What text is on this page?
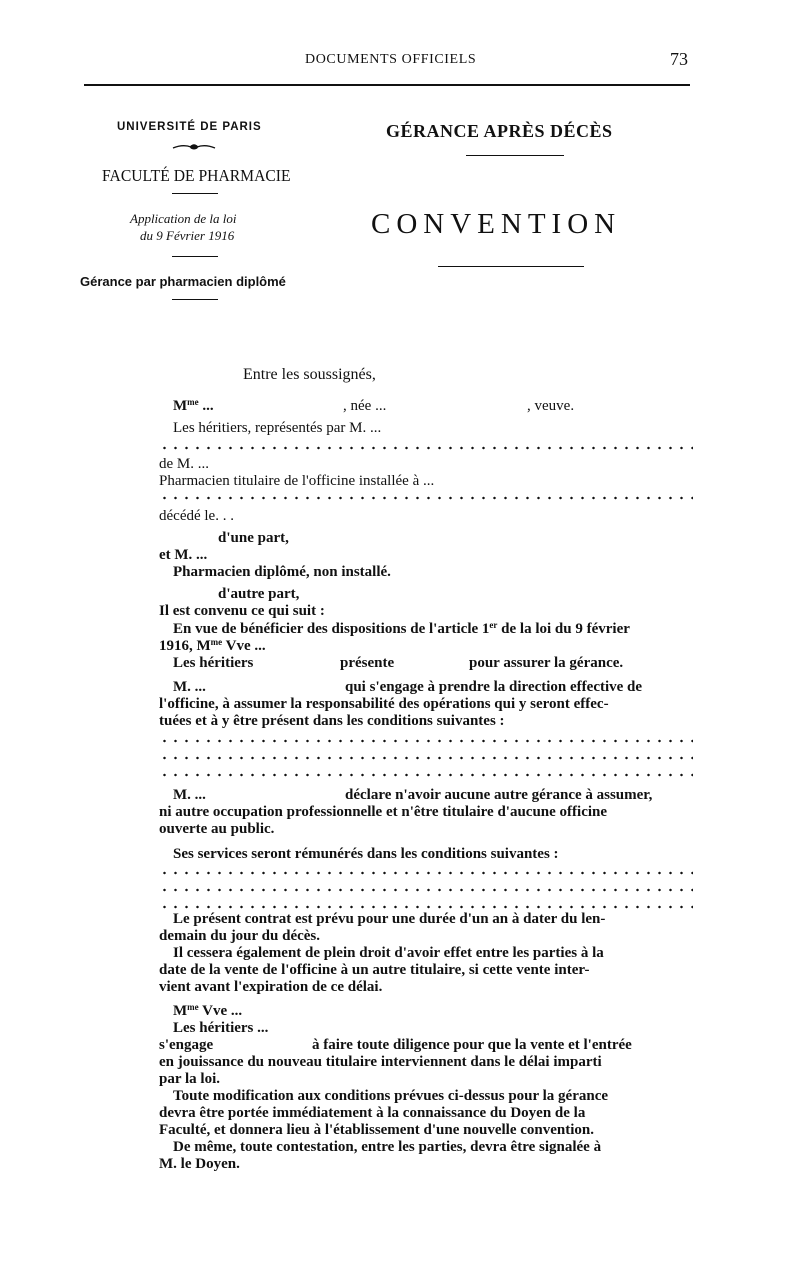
DOCUMENTS OFFICIELS	73
UNIVERSITÉ DE PARIS
FACULTÉ DE PHARMACIE
Application de la loi
du 9 Février 1916
Gérance par pharmacien diplômé
GÉRANCE APRÈS DÉCÈS
CONVENTION
Entre les soussignés,
$M^{me}$ ...	, née ...	, veuve.
Les héritiers, représentés par M. ...
de M. ...
Pharmacien titulaire de l'officine installée à ...
décédé le. . .
d'une part,
et M. ...
Pharmacien diplômé, non installé.
d'autre part,
Il est convenu ce qui suit :
En vue de bénéficier des dispositions de l'article 1er de la loi du 9 février
1916, $M^{me}$ Vve ...
Les héritiers	présente	pour assurer la gérance.
M. ...	qui s'engage à prendre la direction effective de
l'officine, à assumer la responsabilité des opérations qui y seront effec-
tuées et à y être présent dans les conditions suivantes :
M. ...	déclare n'avoir aucune autre gérance à assumer,
ni autre occupation professionnelle et n'être titulaire d'aucune officine
ouverte au public.
Ses services seront rémunérés dans les conditions suivantes :
Le présent contrat est prévu pour une durée d'un an à dater du len-
demain du jour du décès.
Il cessera également de plein droit d'avoir effet entre les parties à la
date de la vente de l'officine à un autre titulaire, si cette vente inter-
vient avant l'expiration de ce délai.
$M^{me}$ Vve ...
Les héritiers ...
s'engage	à faire toute diligence pour que la vente et l'entrée
en jouissance du nouveau titulaire interviennent dans le délai imparti
par la loi.
Toute modification aux conditions prévues ci-dessus pour la gérance
devra être portée immédiatement à la connaissance du Doyen de la
Faculté, et donnera lieu à l'établissement d'une nouvelle convention.
De même, toute contestation, entre les parties, devra être signalée à
M. le Doyen.
